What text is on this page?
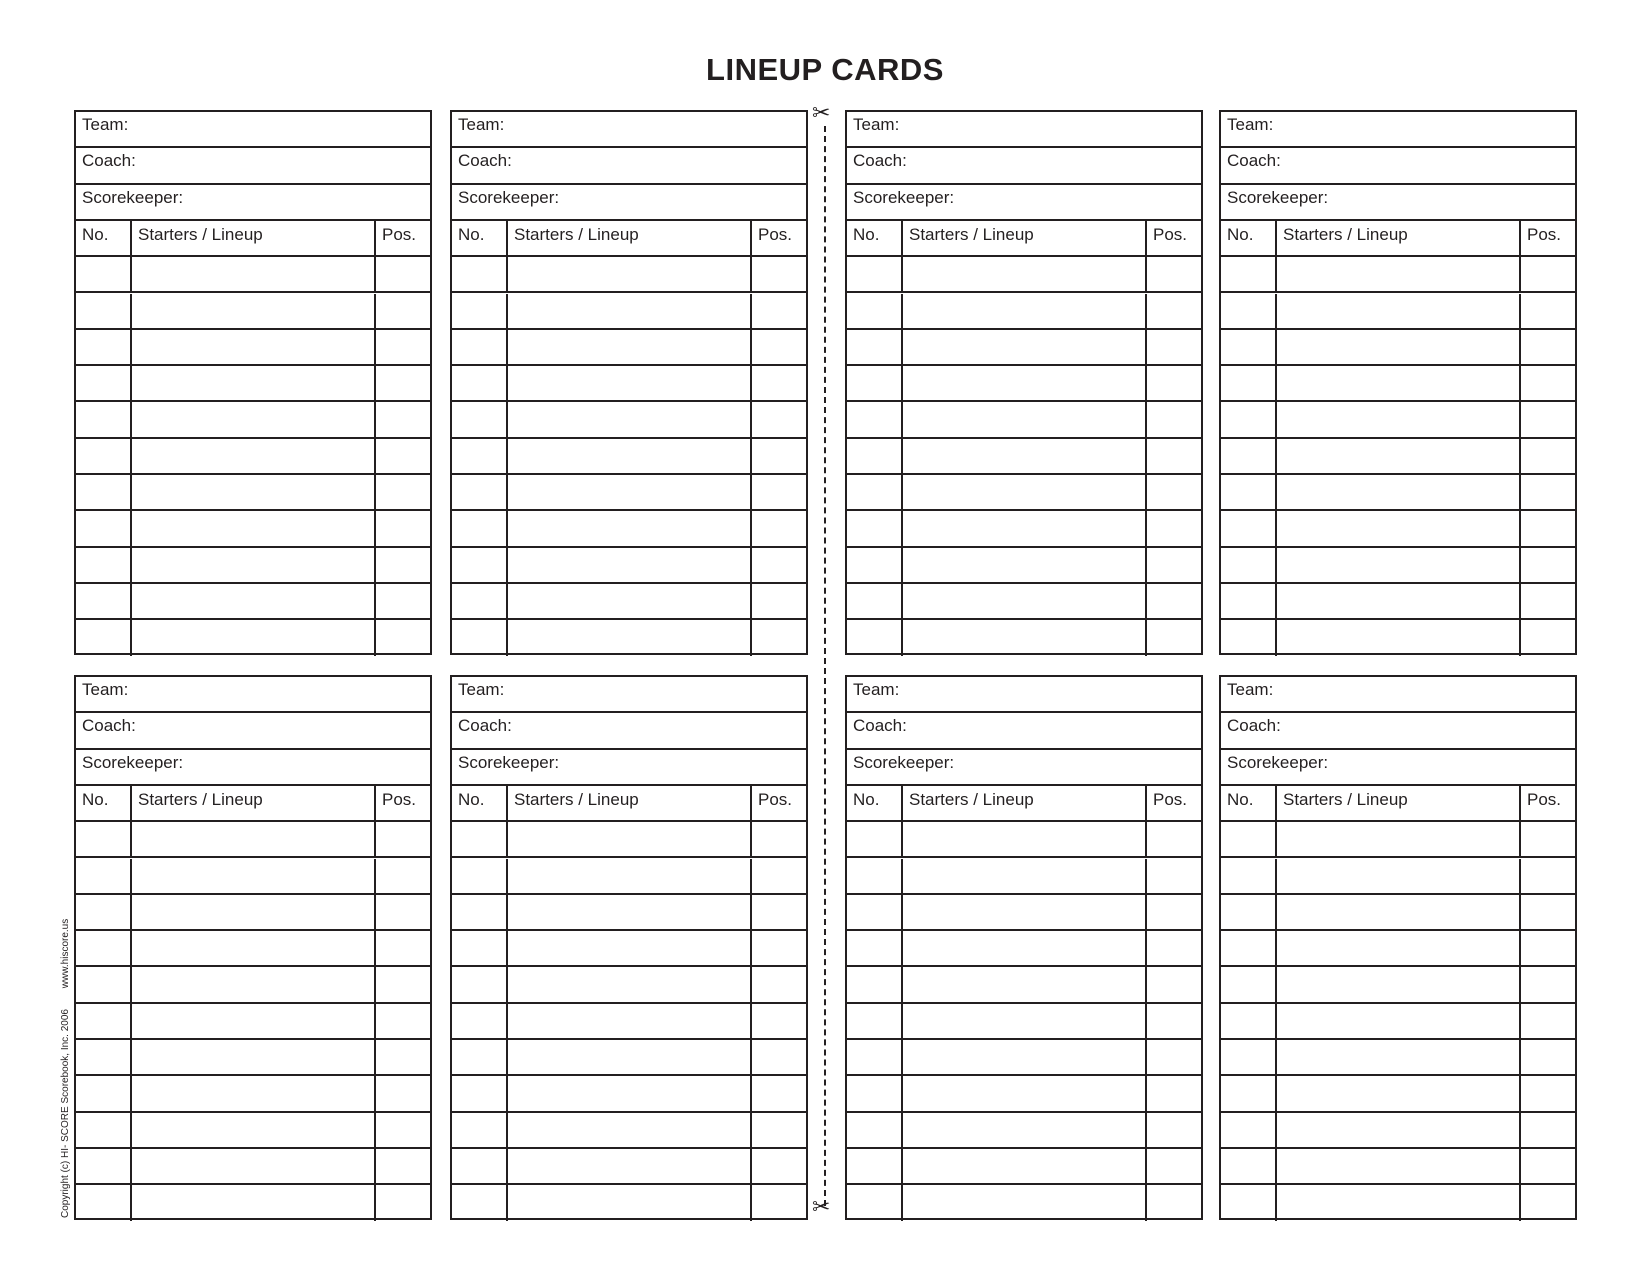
LINEUP CARDS
Team:
Coach:
Scorekeeper:
No. Starters / Lineup	Pos.
Team:
Coach:
Scorekeeper:
No. Starters / Lineup	Pos.
Team:
Coach:
Scorekeeper:
No. Starters / Lineup	Pos.
Team:
Coach:
Scorekeeper:
No. Starters / Lineup	Pos.
Team:
Coach:
Scorekeeper:
No. Starters / Lineup	Pos.
Team:
Coach:
Scorekeeper:
No. Starters / Lineup	Pos.
Team:
Coach:
Scorekeeper:
No. Starters / Lineup	Pos.
Team:
Coach:
Scorekeeper:
No. Starters / Lineup	Pos.
✂
✂
Copyright (c) HI- SCORE Scorebook, Inc. 2006 www.hiscore.us
